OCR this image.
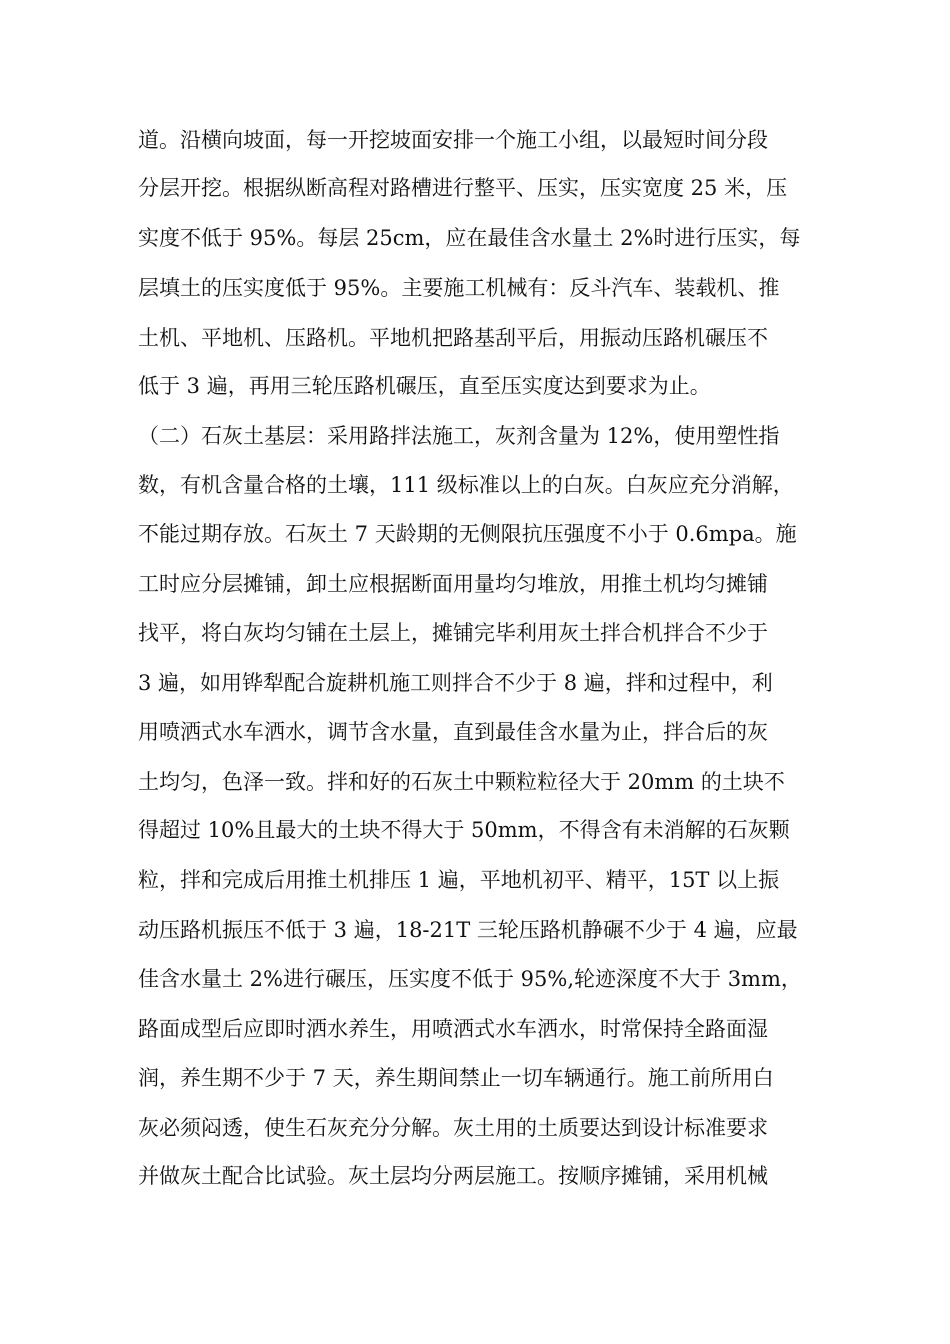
道。沿横向坡面，每一开挖坡面安排一个施工小组，以最短时间分段
分层开挖。根据纵断高程对路槽进行整平、压实，压实宽度 25 米，压
实度不低于 95%。每层 25cm，应在最佳含水量土 2%时进行压实，每
层填土的压实度低于 95%。主要施工机械有：反斗汽车、装载机、推
土机、平地机、压路机。平地机把路基刮平后，用振动压路机碾压不
低于 3 遍，再用三轮压路机碾压，直至压实度达到要求为止。
（二）石灰土基层：采用路拌法施工，灰剂含量为 12%，使用塑性指
数，有机含量合格的土壤，111 级标准以上的白灰。白灰应充分消解，
不能过期存放。石灰土 7 天龄期的无侧限抗压强度不小于 0.6mpa。施
工时应分层摊铺，卸土应根据断面用量均匀堆放，用推土机均匀摊铺
找平，将白灰均匀铺在土层上，摊铺完毕利用灰土拌合机拌合不少于
3 遍，如用铧犁配合旋耕机施工则拌合不少于 8 遍，拌和过程中，利
用喷洒式水车洒水，调节含水量，直到最佳含水量为止，拌合后的灰
土均匀，色泽一致。拌和好的石灰土中颗粒粒径大于 20mm 的土块不
得超过 10%且最大的土块不得大于 50mm，不得含有未消解的石灰颗
粒，拌和完成后用推土机排压 1 遍，平地机初平、精平，15T 以上振
动压路机振压不低于 3 遍，18-21T 三轮压路机静碾不少于 4 遍，应最
佳含水量土 2%进行碾压，压实度不低于 95%,轮迹深度不大于 3mm，
路面成型后应即时洒水养生，用喷洒式水车洒水，时常保持全路面湿
润，养生期不少于 7 天，养生期间禁止一切车辆通行。施工前所用白
灰必须闷透，使生石灰充分分解。灰土用的土质要达到设计标准要求
并做灰土配合比试验。灰土层均分两层施工。按顺序摊铺，采用机械
